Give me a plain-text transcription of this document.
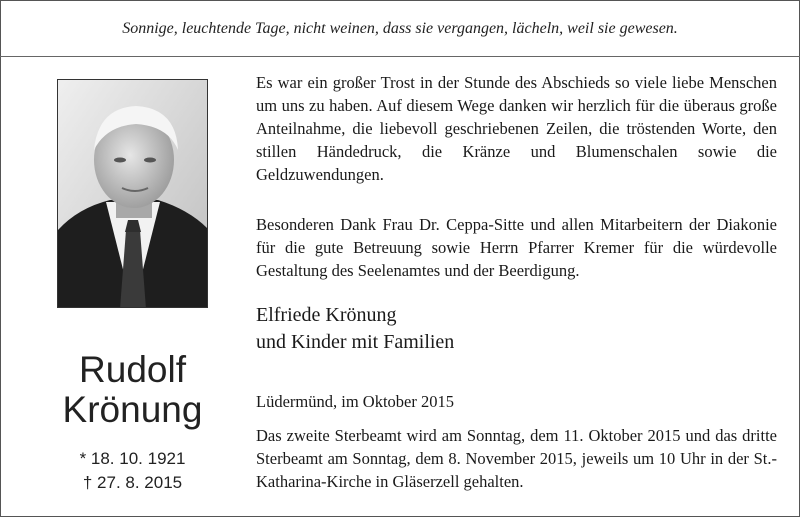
Sonnige, leuchtende Tage, nicht weinen, dass sie vergangen, lächeln, weil sie gewesen.
Rudolf
Krönung
* 18. 10. 1921
† 27. 8. 2015
Es war ein großer Trost in der Stunde des Abschieds so viele liebe Menschen um uns zu haben. Auf diesem Wege danken wir herzlich für die überaus große Anteilnahme, die liebevoll geschriebenen Zeilen, die tröstenden Worte, den stillen Händedruck, die Kränze und Blumenschalen sowie die Geldzuwendungen.
Besonderen Dank Frau Dr. Ceppa-Sitte und allen Mitarbeitern der Diakonie für die gute Betreuung sowie Herrn Pfarrer Kremer für die würdevolle Gestaltung des Seelenamtes und der Beerdigung.
Elfriede Krönung
und Kinder mit Familien
Lüdermünd, im Oktober 2015
Das zweite Sterbeamt wird am Sonntag, dem 11. Oktober 2015 und das dritte Sterbeamt am Sonntag, dem 8. November 2015, jeweils um 10 Uhr in der St.-Katharina-Kirche in Gläserzell gehalten.
